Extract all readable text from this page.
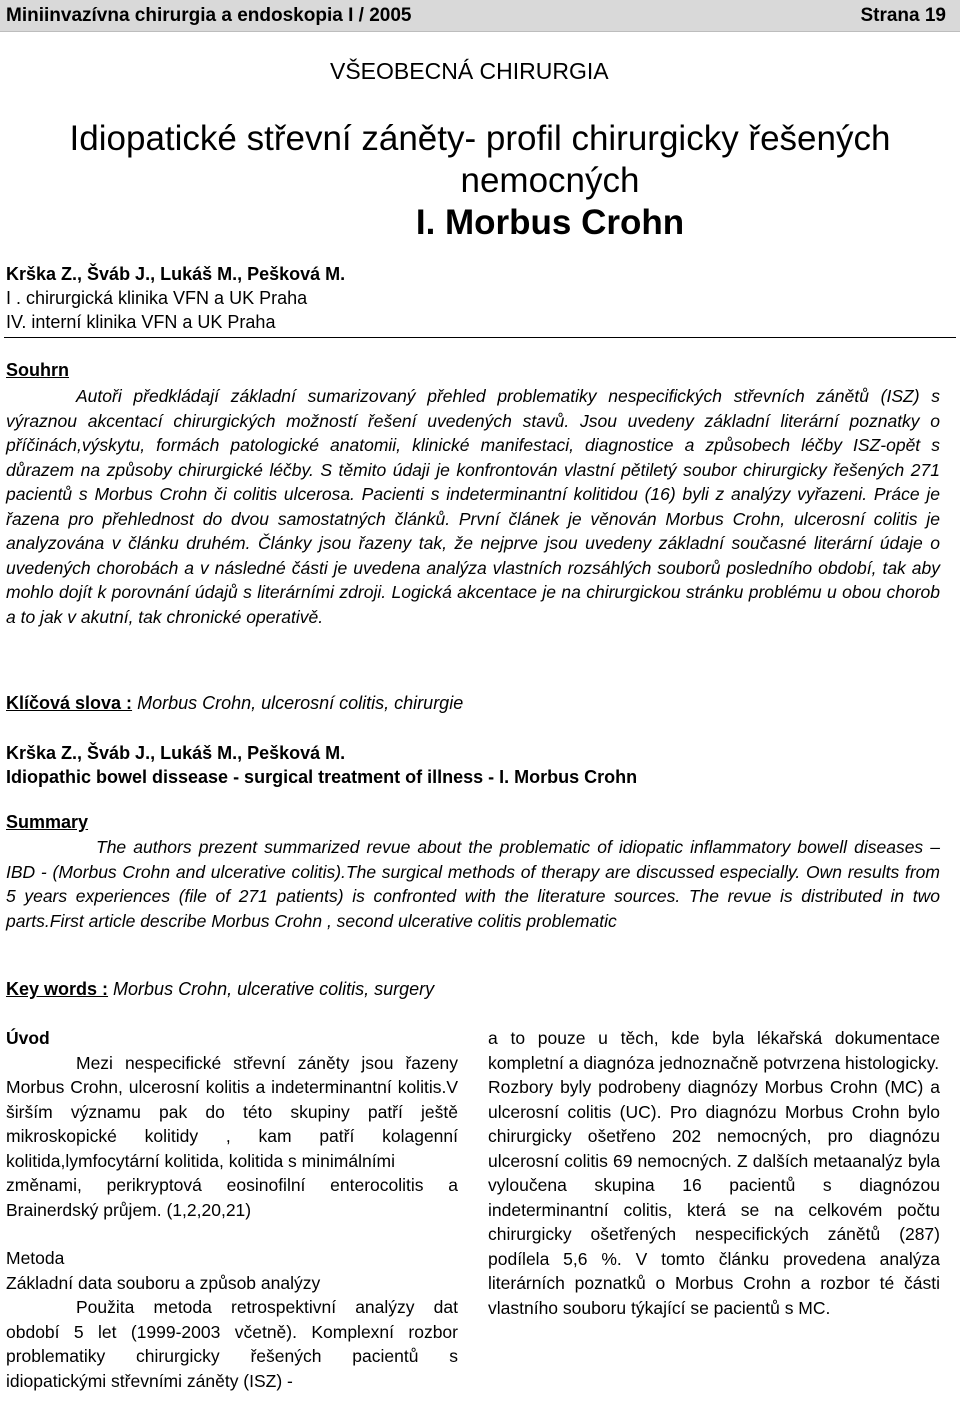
Miniinvazívna chirurgia a endoskopia I / 2005	Strana 19
VŠEOBECNÁ CHIRURGIA
Idiopatické střevní záněty- profil chirurgicky řešených
nemocných
I. Morbus Crohn
Krška Z., Šváb J., Lukáš M., Pešková M.
I . chirurgická klinika VFN a UK Praha
IV. interní klinika VFN a UK Praha
Souhrn
Autoři předkládají základní sumarizovaný přehled problematiky nespecifických střevních zánětů (ISZ) s výraznou akcentací chirurgických možností řešení uvedených stavů. Jsou uvedeny základní literární poznatky o příčinách,výskytu, formách patologické anatomii, klinické manifestaci, diagnostice a způsobech léčby ISZ-opět s důrazem na způsoby chirurgické léčby. S těmito údaji je konfrontován vlastní pětiletý soubor chirurgicky řešených 271 pacientů s Morbus Crohn či colitis ulcerosa. Pacienti s indeterminantní kolitidou (16) byli z analýzy vyřazeni. Práce je řazena pro přehlednost do dvou samostatných článků. První článek je věnován Morbus Crohn, ulcerosní colitis je analyzována v článku druhém. Články jsou řazeny tak, že nejprve jsou uvedeny základní současné literární údaje o uvedených chorobách a v následné části je uvedena analýza vlastních rozsáhlých souborů posledního období, tak aby mohlo dojít k porovnání údajů s literárními zdroji. Logická akcentace je na chirurgickou stránku problému u obou chorob a to jak v akutní, tak chronické operativě.
Klíčová slova : Morbus Crohn, ulcerosní colitis, chirurgie
Krška Z., Šváb J., Lukáš M., Pešková M.
Idiopathic bowel dissease - surgical treatment of illness - I. Morbus Crohn
Summary
The authors prezent summarized revue about the problematic of idiopatic inflammatory bowell diseases – IBD - (Morbus Crohn and ulcerative colitis).The surgical methods of therapy are discussed especially. Own results from 5 years experiences (file of 271 patients) is confronted with the literature sources. The revue is distributed in two parts.First article describe Morbus Crohn , second ulcerative colitis problematic
Key words : Morbus Crohn, ulcerative colitis, surgery

Úvod

Mezi nespecifické střevní záněty jsou řazeny Morbus Crohn, ulcerosní kolitis a indeterminantní kolitis.V širším významu pak do této skupiny patří ještě mikroskopické kolitidy , kam patří kolagenní kolitida,lymfocytární kolitida, kolitida s minimálními

změnami, perikryptová eosinofilní enterocolitis a Brainerdský průjem. (1,2,20,21)

Metoda

Základní data souboru a způsob analýzy

Použita metoda retrospektivní analýzy dat období 5 let (1999-2003 včetně). Komplexní rozbor problematiky chirurgicky řešených pacientů s idiopatickými střevními záněty (ISZ) -

a to pouze u těch, kde byla lékařská dokumentace kompletní a diagnóza jednoznačně potvrzena histologicky.

Rozbory byly podrobeny diagnózy Morbus Crohn (MC) a ulcerosní colitis (UC). Pro diagnózu Morbus Crohn bylo chirurgicky ošetřeno 202 nemocných, pro diagnózu ulcerosní colitis 69 nemocných. Z dalších metaanalýz byla vyloučena skupina 16 pacientů s diagnózou indeterminantní colitis, která se na celkovém počtu chirurgicky ošetřených nespecifických zánětů (287) podílela 5,6 %. V tomto článku provedena analýza literárních poznatků o Morbus Crohn a rozbor té části vlastního souboru týkající se pacientů s MC.
